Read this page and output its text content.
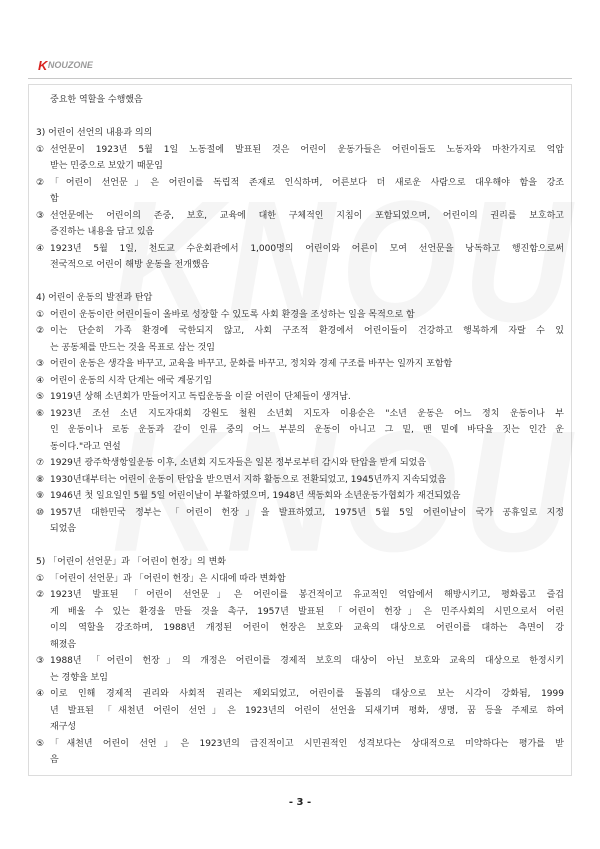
K NOUZONE

중요한 역할을 수행했음

3) 어린이 선언의 내용과 의의

① 선언문이 1923년 5월 1일 노동절에 발표된 것은 어린이 운동가들은 어린이들도 노동자와 마찬가지로 억압
받는 민중으로 보았기 때문임
② 「어린이 선언문」은 어린이를 독립적 존재로 인식하며, 어른보다 더 새로운 사람으로 대우해야 함을 강조
함
③ 선언문에는 어린이의 존중, 보호, 교육에 대한 구체적인 지침이 포함되었으며, 어린이의 권리를 보호하고
증진하는 내용을 담고 있음
④ 1923년 5월 1일, 천도교 수운회관에서 1,000명의 어린이와 어른이 모여 선언문을 낭독하고 행진함으로써
전국적으로 어린이 해방 운동을 전개했음

4) 어린이 운동의 발전과 탄압

① 어린이 운동이란 어린이들이 올바로 성장할 수 있도록 사회 환경을 조성하는 일을 목적으로 함
② 이는 단순히 가족 환경에 국한되지 않고, 사회 구조적 환경에서 어린이들이 건강하고 행복하게 자랄 수 있
는 공동체를 만드는 것을 목표로 삼는 것임
③ 어린이 운동은 생각을 바꾸고, 교육을 바꾸고, 문화를 바꾸고, 정치와 경제 구조를 바꾸는 일까지 포함함
④ 어린이 운동의 시작 단계는 애국 계몽기임
⑤ 1919년 상해 소년회가 만들어지고 독립운동을 이끌 어린이 단체들이 생겨남.
⑥ 1923년 조선 소년 지도자대회 강원도 철원 소년회 지도자 이용순은 "소년 운동은 어느 정치 운동이나 부
인 운동이나 로동 운동과 같이 인류 중의 어느 부분의 운동이 아니고 그 밑, 맨 밑에 바닥을 짓는 인간 운
동이다."라고 연설
⑦ 1929년 광주학생항일운동 이후, 소년회 지도자들은 일본 정부로부터 감시와 탄압을 받게 되었음
⑧ 1930년대부터는 어린이 운동이 탄압을 받으면서 지하 활동으로 전환되었고, 1945년까지 지속되었음
⑨ 1946년 첫 일요일인 5월 5일 어린이날이 부활하였으며, 1948년 색동회와 소년운동가협회가 재건되었음
⑩ 1957년 대한민국 정부는 「어린이 헌장」을 발표하였고, 1975년 5월 5일 어린이날이 국가 공휴일로 지정
되었음

5) 「어린이 선언문」과 「어린이 헌장」의 변화

① 「어린이 선언문」과 「어린이 헌장」은 시대에 따라 변화함
② 1923년 발표된 「어린이 선언문」은 어린이를 봉건적이고 유교적인 억압에서 해방시키고, 평화롭고 즐겁
게 배울 수 있는 환경을 만들 것을 촉구, 1957년 발표된 「어린이 헌장」은 민주사회의 시민으로서 어린
이의 역할을 강조하며, 1988년 개정된 어린이 헌장은 보호와 교육의 대상으로 어린이를 대하는 측면이 강
해졌음
③ 1988년 「어린이 헌장」의 개정은 어린이를 경제적 보호의 대상이 아닌 보호와 교육의 대상으로 한정시키
는 경향을 보임
④ 이로 인해 경제적 권리와 사회적 권리는 제외되었고, 어린이를 돌봄의 대상으로 보는 시각이 강화됨, 1999
년 발표된 「새천년 어린이 선언」은 1923년의 어린이 선언을 되새기며 평화, 생명, 꿈 등을 주제로 하여
재구성
⑤ 「새천년 어린이 선언」은 1923년의 급진적이고 시민권적인 성격보다는 상대적으로 미약하다는 평가를 받
음
- 3 -
